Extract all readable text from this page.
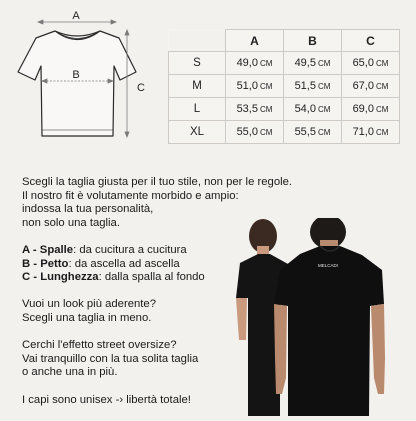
A
B
C
	A	B	C
S	49,0 CM	49,5 CM	65,0 CM
M	51,0 CM	51,5 CM	67,0 CM
L	53,5 CM	54,0 CM	69,0 CM
XL	55,0 CM	55,5 CM	71,0 CM

Scegli la taglia giusta per il tuo stile, non per le regole.
Il nostro fit è volutamente morbido e ampio:
indossa la tua personalità,
non solo una taglia.

A - Spalle: da cucitura a cucitura
B - Petto: da ascella ad ascella
C - Lunghezza: dalla spalla al fondo

Vuoi un look più aderente?
Scegli una taglia in meno.

Cerchi l'effetto street oversize?
Vai tranquillo con la tua solita taglia
o anche una in più.

I capi sono unisex -› libertà totale!

MELCADI
